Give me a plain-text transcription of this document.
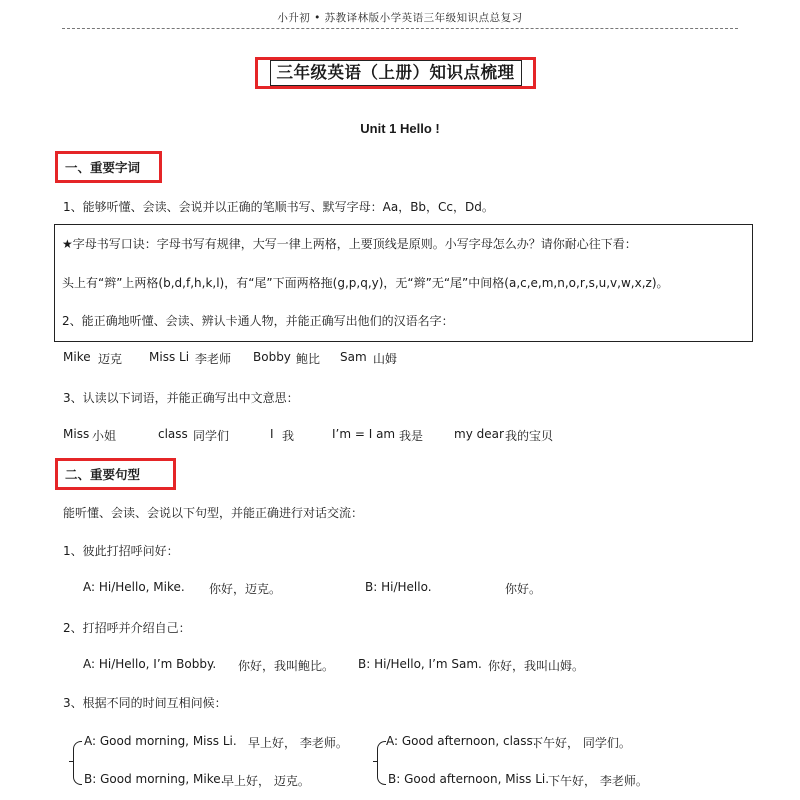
小升初 • 苏教译林版小学英语三年级知识点总复习
三年级英语（上册）知识点梳理
Unit 1 Hello !
一、重要字词
1、能够听懂、会读、会说并以正确的笔顺书写、默写字母：Aa，Bb，Cc，Dd。
★字母书写口诀：字母书写有规律，大写一律上两格，上要顶线是原则。小写字母怎么办？请你耐心往下看：
头上有“辫”上两格(b,d,f,h,k,l)，有“尾”下面两格拖(g,p,q,y)，无“辫”无“尾”中间格(a,c,e,m,n,o,r,s,u,v,w,x,z)。
2、能正确地听懂、会读、辨认卡通人物，并能正确写出他们的汉语名字：
Mike 迈克 Miss Li 李老师 Bobby 鲍比 Sam 山姆
3、认读以下词语，并能正确写出中文意思：
Miss 小姐	class 同学们	I 我	I’m = I am 我是	my dear 我的宝贝
二、重要句型
能听懂、会读、会说以下句型，并能正确进行对话交流：
1、彼此打招呼问好：
A: Hi/Hello, Mike. 你好，迈克。	B: Hi/Hello.	你好。
2、打招呼并介绍自己：
A: Hi/Hello, I’m Bobby. 你好，我叫鲍比。 B: Hi/Hello, I’m Sam. 你好，我叫山姆。
3、根据不同的时间互相问候：
A: Good morning, Miss Li. 早上好， 李老师。
B: Good morning, Mike.
早上好， 迈克。
A: Good afternoon, class.
下午好， 同学们。
B: Good afternoon, Miss Li.
下午好， 李老师。
